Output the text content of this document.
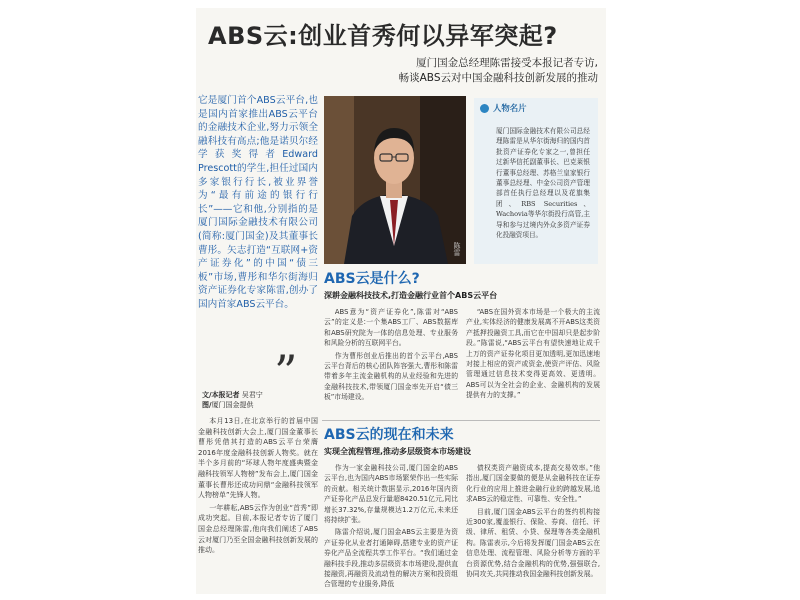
ABS云:创业首秀何以异军突起?
厦门国金总经理陈雷接受本报记者专访,
畅谈ABS云对中国金融科技创新发展的推动

它是厦门首个ABS云平台,也是国内首家推出ABS云平台的金融技术企业,努力示领全融科技有高点;他是诺贝尔经学获奖得者Edward Prescott的学生,担任过国内多家银行行长,被业界誉为“最有前途的银行行长”——它和他,分别指的是厦门国际金融技术有限公司(简称:厦门国金)及其董事长曹彤。矢志打造“互联网+资产证券化”的中国“债三板”市场,曹彤和华尔街海归资产证券化专家陈雷,创办了国内首家ABS云平台。

”
文/本报记者 吴君宁
图/厦门国金提供

本月13日,在北京举行的首届中国金融科技创新大会上,厦门国金董事长曹彤凭借其打造的ABS云平台荣膺2016年度金融科技创新人物奖。就在半个多月前的“环球人物年度盛典暨金融科技领军人物榜”发布会上,厦门国金董事长曹彤还成功问鼎“金融科技领军人物榜单”先锋人物。

一年耕耘,ABS云作为创业“首秀”即成功突起。目前,本报记者专访了厦门国金总经理陈雷,他向我们阐述了ABS云对厦门乃至全国金融科技创新发展的推动。

陈雷
人物名片
厦门国际金融技术有限公司总经理陈雷是从华尔街海归的国内首批资产证券化专家之一,曾担任过新华信托副董事长、巴克莱银行董事总经理、苏格兰皇家银行董事总经理、中金公司资产管理部首任执行总经理以及花旗集团、RBS Securities、Wachovia等华尔街投行高管,主导和参与过境内外众多资产证券化投融资项目。
ABS云是什么?
深耕金融科技技术,打造金融行业首个ABS云平台

ABS意为“资产证券化”,陈雷对“ABS云”的定义是:一个集ABS工厂、ABS数据库和ABS研究院为一体的信息处理、专业服务和风险分析的互联网平台。

作为曹彤创业后推出的首个云平台,ABS云平台背后的核心团队阵容强大,曹彤和陈雷带着多年主流金融机构的从业经验和先进的金融科技技术,带领厦门国金率先开启“债三板”市场建设。

“ABS在国外资本市场是一个极大的主流产业,实体经济的健康发展离不开ABS这类资产抵押投融资工具,而它在中国却只是起步阶段。”陈雷说,“ABS云平台有望快速地让成千上万的资产证券化项目更加透明,更加迅速地对接上相应的资产或资金,使资产评估、风险管理通过信息技术变得更高效、更透明。ABS可以为全社会的企业、金融机构的发展提供有力的支撑。”

ABS云的现在和未来
实现全流程管理,推动多层级资本市场建设

作为一家金融科技公司,厦门国金的ABS云平台,也为国内ABS市场繁荣作出一些实际的贡献。相关统计数据显示,2016年国内资产证券化产品总发行量超8420.51亿元,同比增长37.32%,存量规模达1.2万亿元,未来还将持续扩张。

陈雷介绍说,厦门国金ABS云主要是为资产证券化从业者打通障碍,搭建专业的资产证券化产品全流程共享工作平台。“我们通过金融科技手段,推动多层级资本市场建设,提供直接融资,再融资及流动性的解决方案和投资组合管理的专业服务,降低

债权类资产融资成本,提高交易效率。”他指出,厦门国金要做的便是从金融科技在证券化行业的应用上推进金融行业的跨越发展,追求ABS云的稳定性、可靠性、安全性。”

目前,厦门国金ABS云平台的签约机构接近300家,覆盖银行、保险、券商、信托、评级、律所、租赁、小贷、保理等各类金融机构。陈雷表示,今后将发挥厦门国金ABS云在信息处理、流程管理、风险分析等方面的平台资源优势,结合金融机构的优势,强强联合,协同攻关,共同推动我国金融科技创新发展。
